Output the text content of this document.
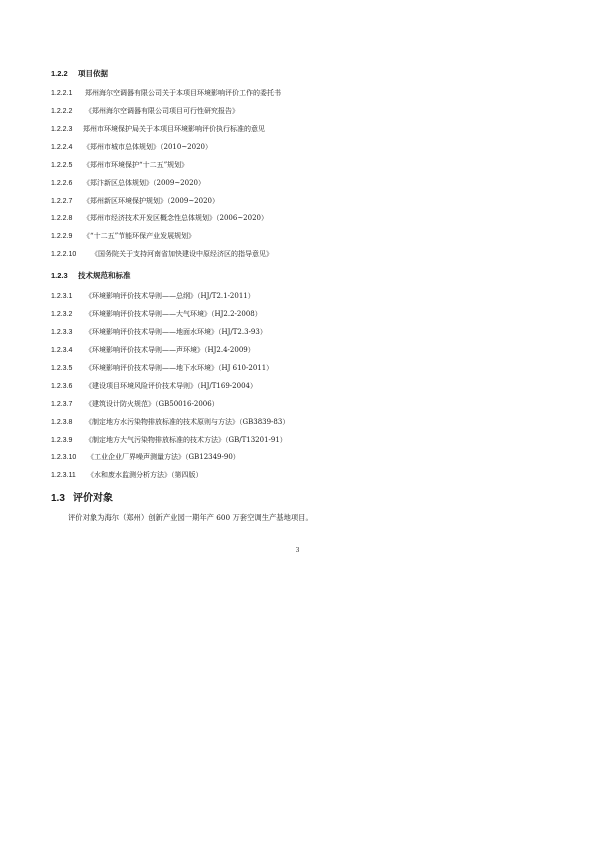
1.2.2 项目依据
1.2.2.1 郑州海尔空调器有限公司关于本项目环境影响评价工作的委托书
1.2.2.2 《郑州海尔空调器有限公司项目可行性研究报告》
1.2.2.3 郑州市环境保护局关于本项目环境影响评价执行标准的意见
1.2.2.4 《郑州市城市总体规划》（2010~2020）
1.2.2.5 《郑州市环境保护“十二五”规划》
1.2.2.6 《郑汴新区总体规划》（2009~2020）
1.2.2.7 《郑州新区环境保护规划》（2009~2020）
1.2.2.8 《郑州市经济技术开发区概念性总体规划》（2006~2020）
1.2.2.9 《“十二五”节能环保产业发展规划》
1.2.2.10 《国务院关于支持河南省加快建设中原经济区的指导意见》
1.2.3 技术规范和标准
1.2.3.1 《环境影响评价技术导则——总纲》（HJ/T2.1-2011）
1.2.3.2 《环境影响评价技术导则——大气环境》（HJ2.2-2008）
1.2.3.3 《环境影响评价技术导则——地面水环境》（HJ/T2.3-93）
1.2.3.4 《环境影响评价技术导则——声环境》（HJ2.4-2009）
1.2.3.5 《环境影响评价技术导则——地下水环境》（HJ 610-2011）
1.2.3.6 《建设项目环境风险评价技术导则》（HJ/T169-2004）
1.2.3.7 《建筑设计防火规范》（GB50016-2006）
1.2.3.8 《制定地方水污染物排放标准的技术原则与方法》（GB3839-83）
1.2.3.9 《制定地方大气污染物排放标准的技术方法》（GB/T13201-91）
1.2.3.10 《工业企业厂界噪声测量方法》（GB12349-90）
1.2.3.11 《水和废水监测分析方法》（第四版）
1.3 评价对象
评价对象为海尔（郑州）创新产业园一期年产 600 万套空调生产基地项目。
3
